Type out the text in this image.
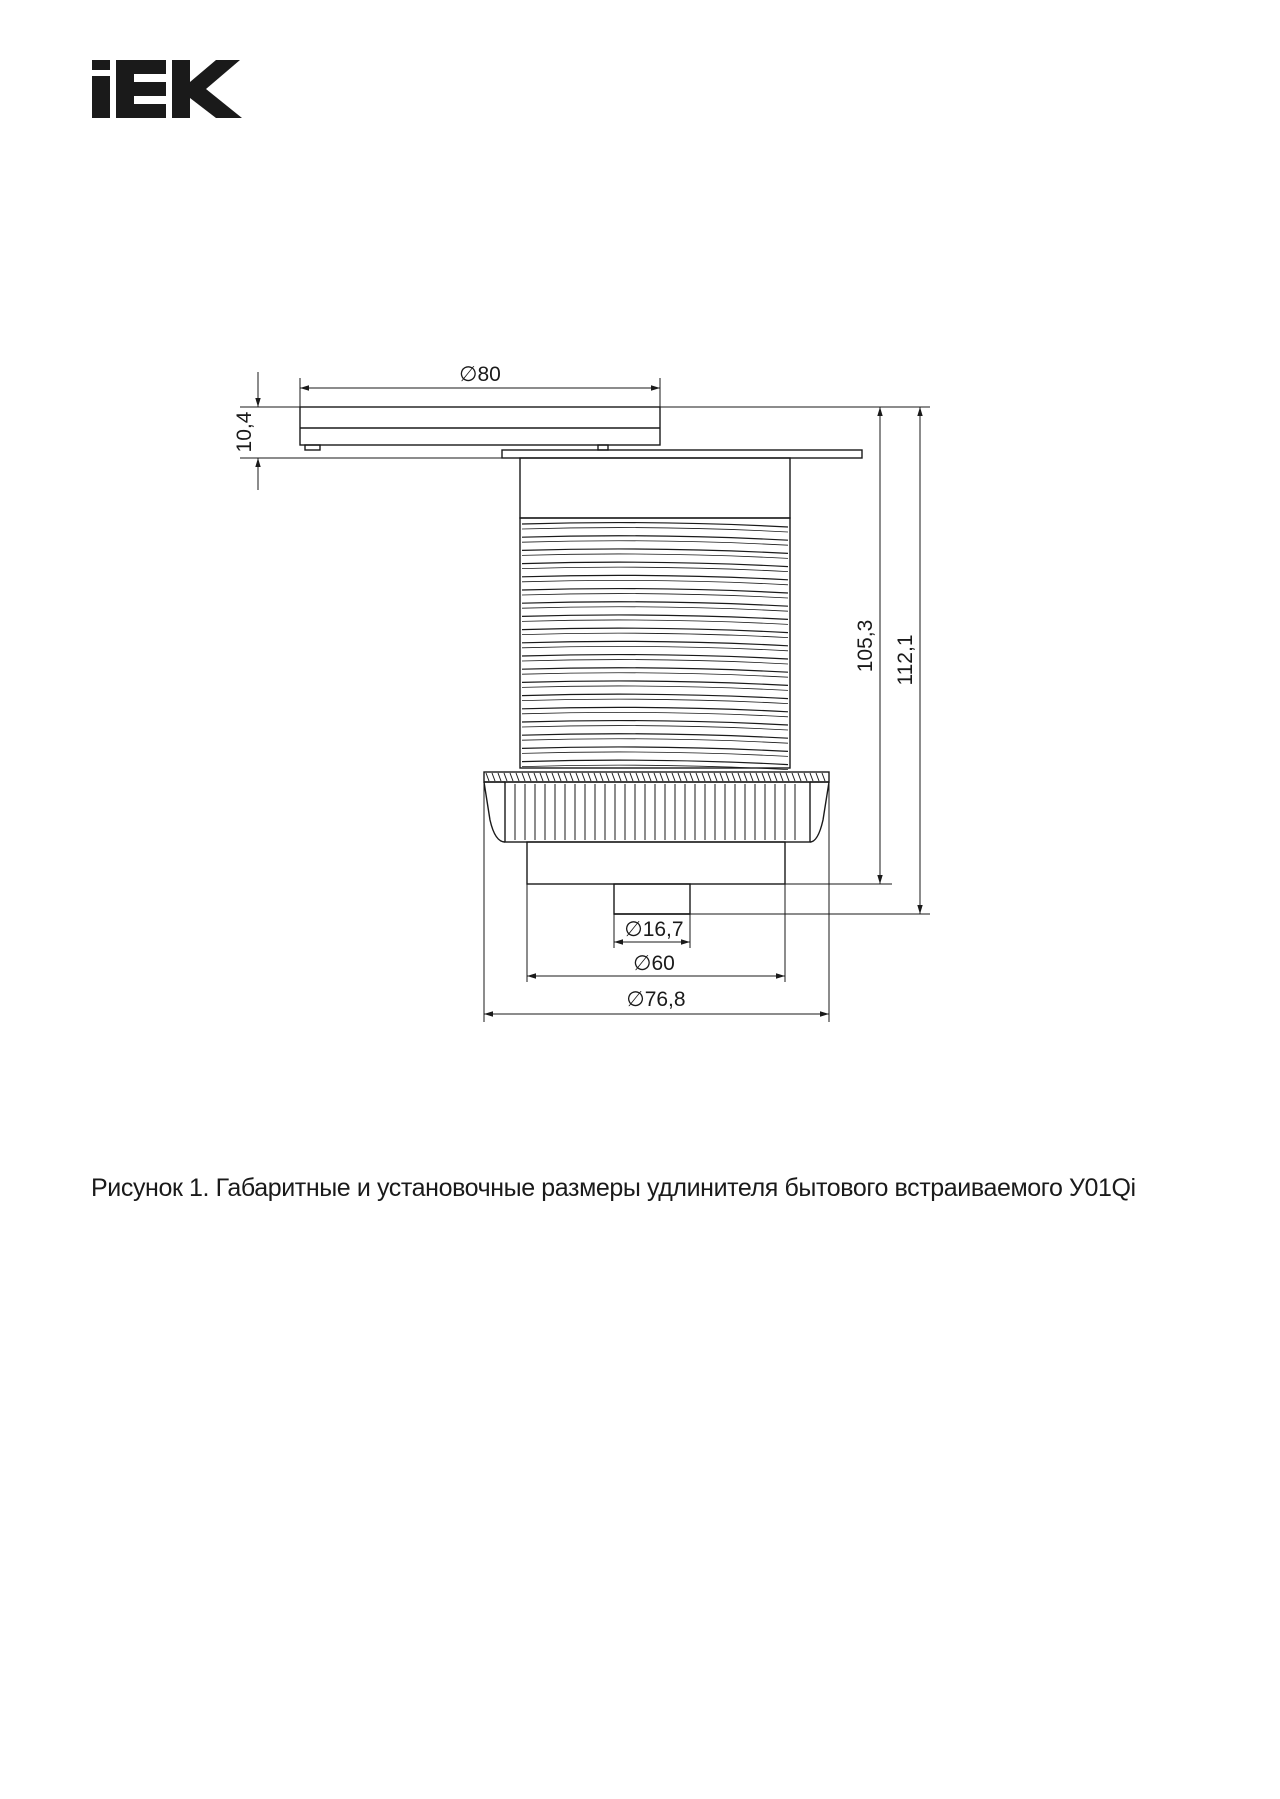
∅80
10,4
105,3 112,1
∅16,7
∅60
∅76,8
Рисунок 1. Габаритные и установочные размеры удлинителя бытового встраиваемого У01Qi
